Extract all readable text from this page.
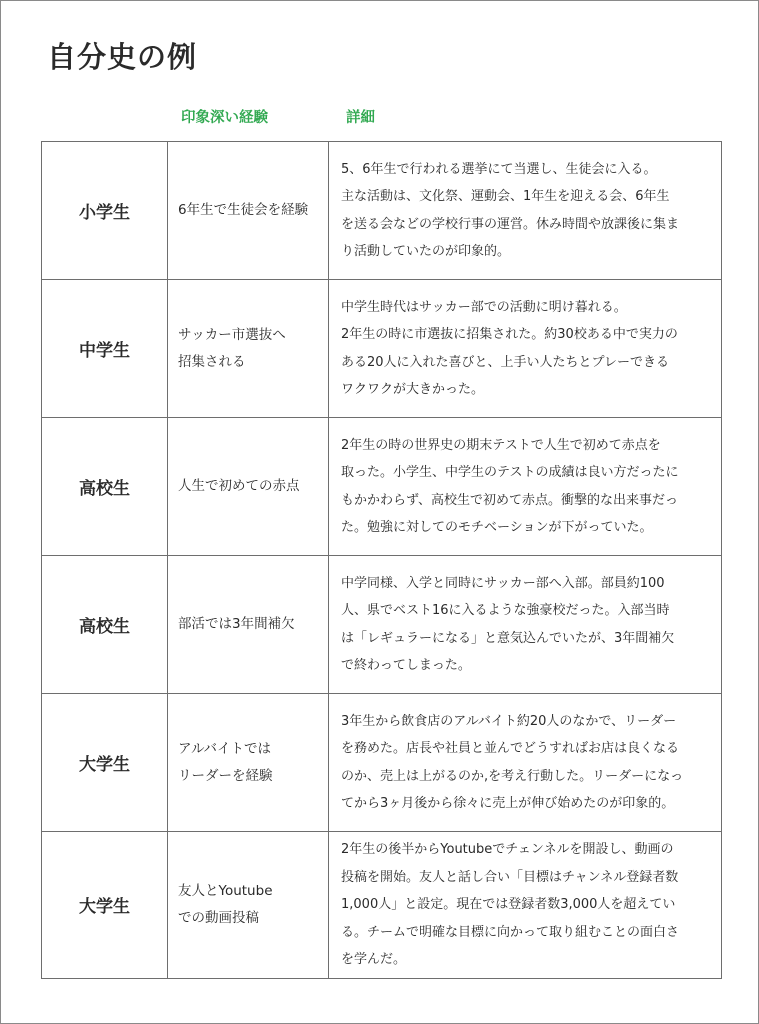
自分史の例
印象深い経験	詳細
小学生	6年生で生徒会を経験	5、6年生で行われる選挙にて当選し、生徒会に入る。
主な活動は、文化祭、運動会、1年生を迎える会、6年生
を送る会などの学校行事の運営。休み時間や放課後に集ま
り活動していたのが印象的。

中学生	サッカー市選抜へ
招集される	中学生時代はサッカー部での活動に明け暮れる。
2年生の時に市選抜に招集された。約30校ある中で実力の
ある20人に入れた喜びと、上手い人たちとプレーできる
ワクワクが大きかった。

高校生	人生で初めての赤点	2年生の時の世界史の期末テストで人生で初めて赤点を
取った。小学生、中学生のテストの成績は良い方だったに
もかかわらず、高校生で初めて赤点。衝撃的な出来事だっ
た。勉強に対してのモチベーションが下がっていた。

高校生	部活では3年間補欠	中学同様、入学と同時にサッカー部へ入部。部員約100
人、県でベスト16に入るような強豪校だった。入部当時
は「レギュラーになる」と意気込んでいたが、3年間補欠
で終わってしまった。

大学生	アルバイトでは
リーダーを経験	3年生から飲食店のアルバイト約20人のなかで、リーダー
を務めた。店長や社員と並んでどうすればお店は良くなる
のか、売上は上がるのか,を考え行動した。リーダーになっ
てから3ヶ月後から徐々に売上が伸び始めたのが印象的。

大学生	友人とYoutube
での動画投稿	2年生の後半からYoutubeでチェンネルを開設し、動画の
投稿を開始。友人と話し合い「目標はチャンネル登録者数
1,000人」と設定。現在では登録者数3,000人を超えてい
る。チームで明確な目標に向かって取り組むことの面白さ
を学んだ。
